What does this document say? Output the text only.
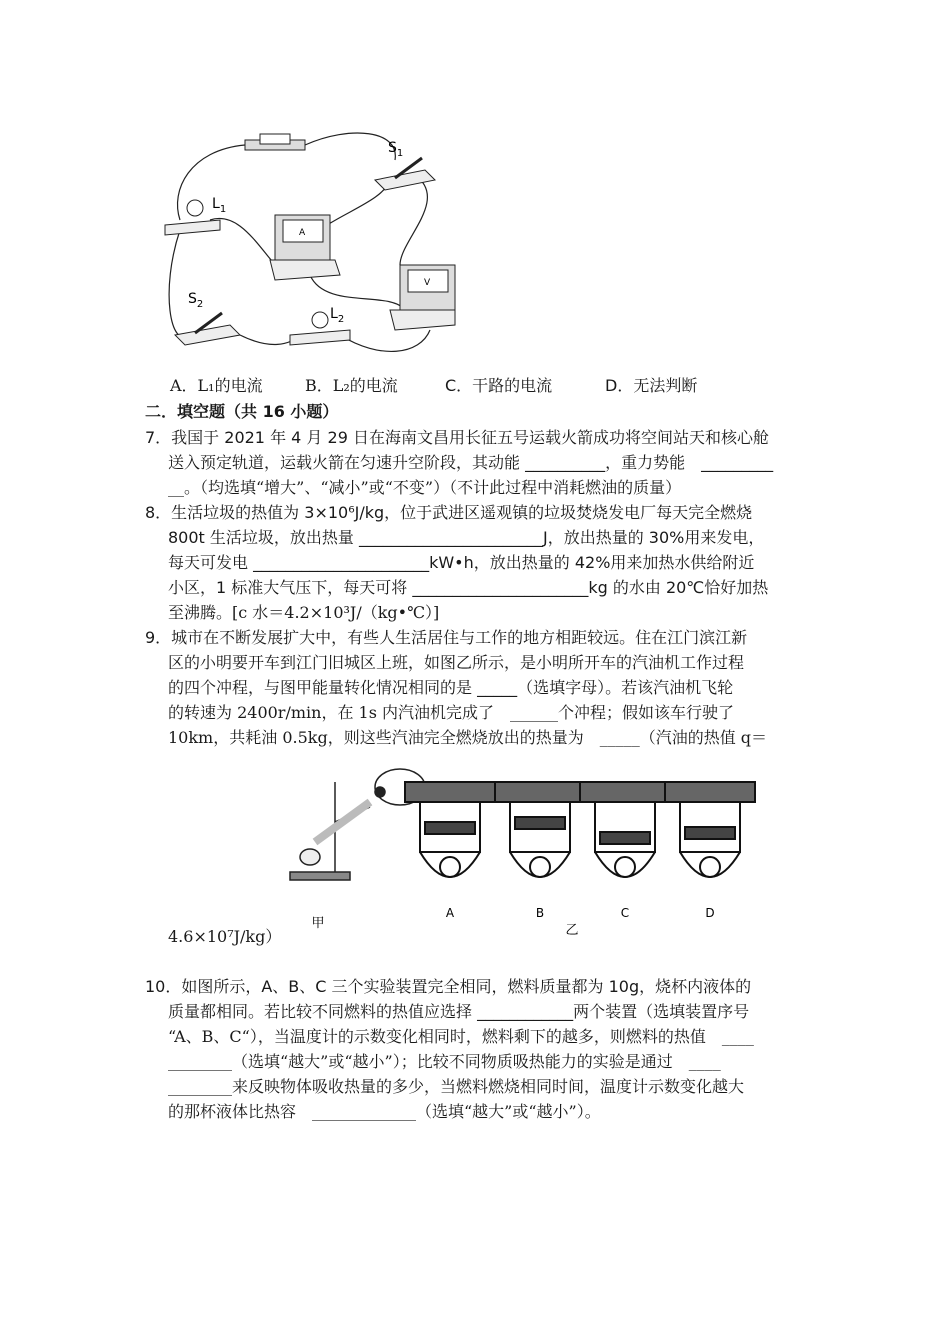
$S_1$
$L_1$
$S_2$
$L_2$
A
V
A．L₁的电流	B．L₂的电流	C．干路的电流	D．无法判断
二．填空题（共 16 小题）
7．我国于 2021 年 4 月 29 日在海南文昌用长征五号运载火箭成功将空间站天和核心舱
送入预定轨道，运载火箭在匀速升空阶段，其动能 __________，重力势能　_________
__。（均选填“增大”、“减小”或“不变”）（不计此过程中消耗燃油的质量）
8．生活垃圾的热值为 3×10⁶J/kg，位于武进区遥观镇的垃圾焚烧发电厂每天完全燃烧
800t 生活垃圾，放出热量 _______________________J，放出热量的 30%用来发电，
每天可发电 ______________________kW•h，放出热量的 42%用来加热水供给附近
小区，1 标准大气压下，每天可将 ______________________kg 的水由 20℃恰好加热
至沸腾。[c 水＝4.2×10³J/（kg•℃）]
9．城市在不断发展扩大中，有些人生活居住与工作的地方相距较远。住在江门滨江新
区的小明要开车到江门旧城区上班，如图乙所示，是小明所开车的汽油机工作过程
的四个冲程，与图甲能量转化情况相同的是 _____（选填字母）。若该汽油机飞轮
的转速为 2400r/min，在 1s 内汽油机完成了　______个冲程；假如该车行驶了
10km，共耗油 0.5kg，则这些汽油完全燃烧放出的热量为　_____（汽油的热值 q＝
A	B	C	D
甲	乙
4.6×10⁷J/kg）
10．如图所示，A、B、C 三个实验装置完全相同，燃料质量都为 10g，烧杯内液体的
质量都相同。若比较不同燃料的热值应选择 ____________两个装置（选填装置序号
“A、B、C“），当温度计的示数变化相同时，燃料剩下的越多，则燃料的热值　____
________（选填“越大”或“越小”）；比较不同物质吸热能力的实验是通过　____
________来反映物体吸收热量的多少，当燃料燃烧相同时间，温度计示数变化越大
的那杯液体比热容　_____________（选填“越大”或“越小”）。
